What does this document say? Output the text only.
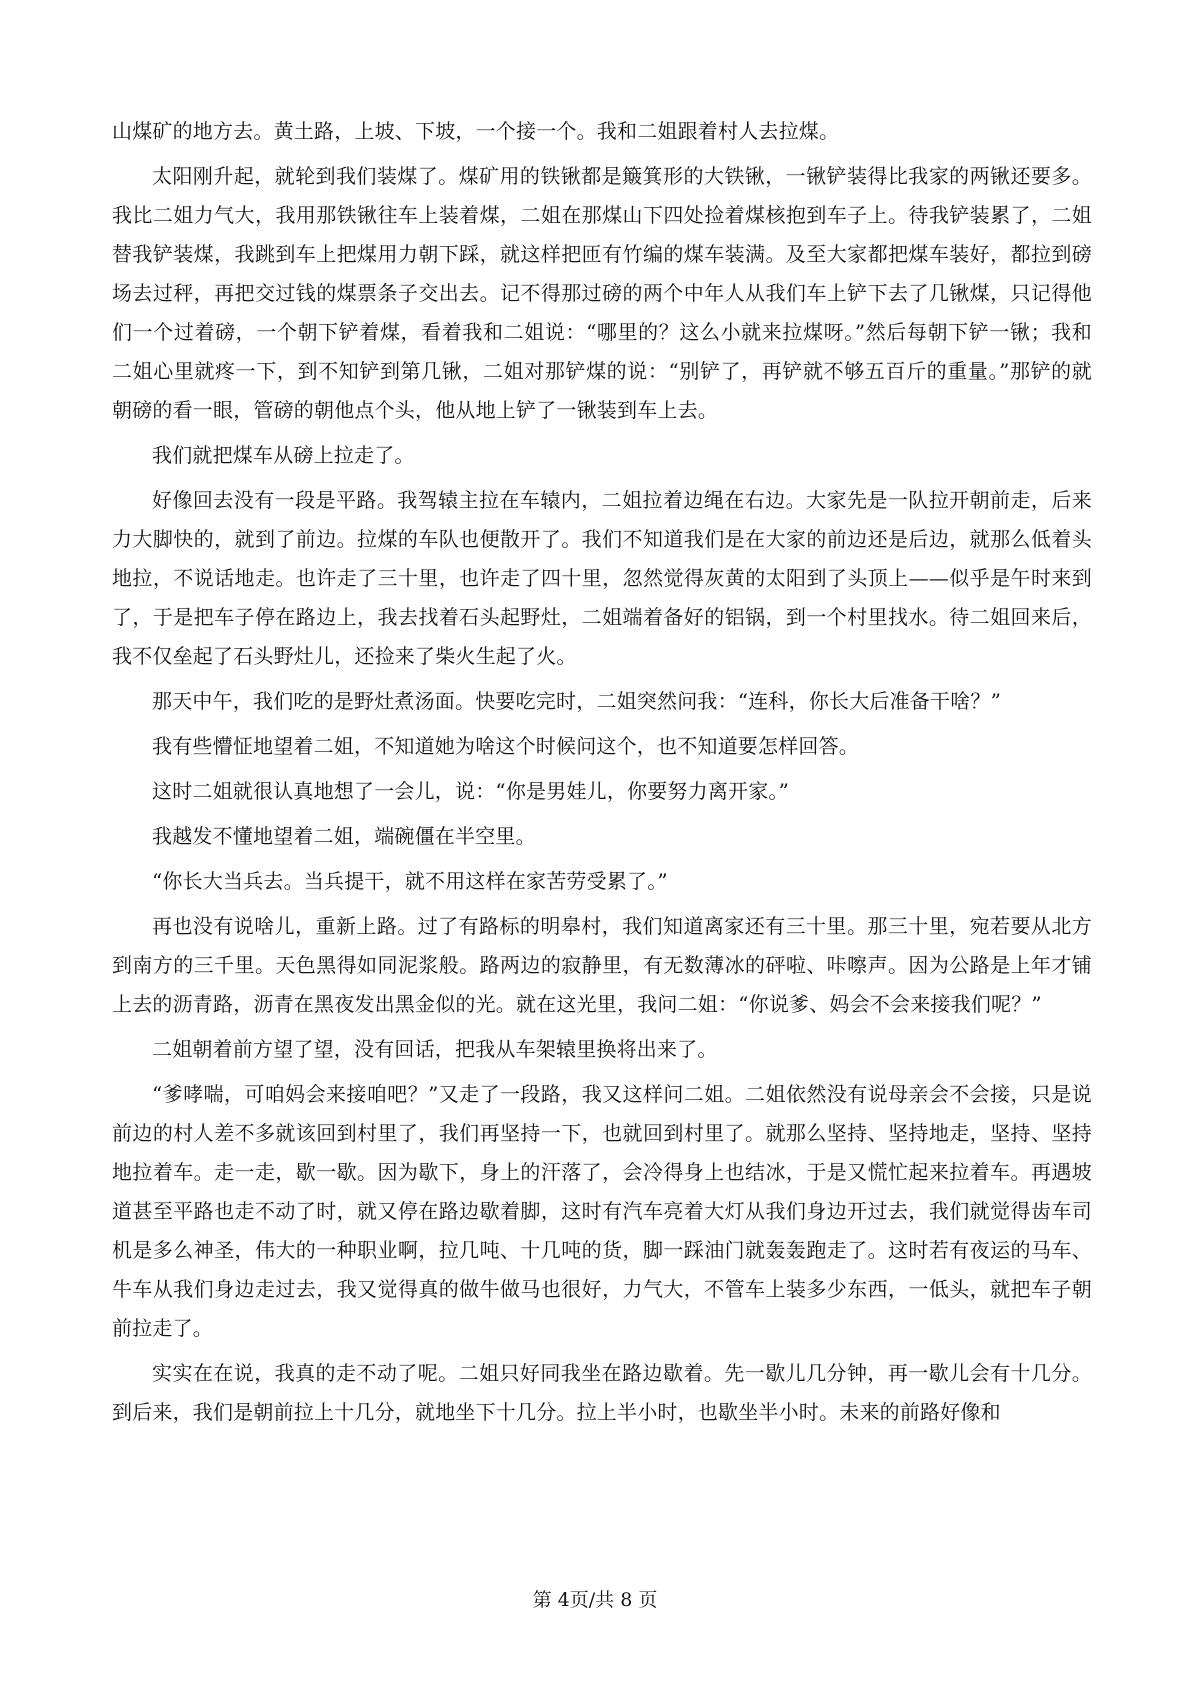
山煤矿的地方去。黄土路，上坡、下坡，一个接一个。我和二姐跟着村人去拉煤。

太阳刚升起，就轮到我们装煤了。煤矿用的铁锹都是簸箕形的大铁锹，一锹铲装得比我家的两锹还要多。我比二姐力气大，我用那铁锹往车上装着煤，二姐在那煤山下四处捡着煤核抱到车子上。待我铲装累了，二姐替我铲装煤，我跳到车上把煤用力朝下踩，就这样把匝有竹编的煤车装满。及至大家都把煤车装好，都拉到磅场去过秤，再把交过钱的煤票条子交出去。记不得那过磅的两个中年人从我们车上铲下去了几锹煤，只记得他们一个过着磅，一个朝下铲着煤，看着我和二姐说：“哪里的？这么小就来拉煤呀。”然后每朝下铲一锹；我和二姐心里就疼一下，到不知铲到第几锹，二姐对那铲煤的说：“别铲了，再铲就不够五百斤的重量。”那铲的就朝磅的看一眼，管磅的朝他点个头，他从地上铲了一锹装到车上去。

我们就把煤车从磅上拉走了。

好像回去没有一段是平路。我驾辕主拉在车辕内，二姐拉着边绳在右边。大家先是一队拉开朝前走，后来力大脚快的，就到了前边。拉煤的车队也便散开了。我们不知道我们是在大家的前边还是后边，就那么低着头地拉，不说话地走。也许走了三十里，也许走了四十里，忽然觉得灰黄的太阳到了头顶上——似乎是午时来到了，于是把车子停在路边上，我去找着石头起野灶，二姐端着备好的铝锅，到一个村里找水。待二姐回来后，我不仅垒起了石头野灶儿，还捡来了柴火生起了火。

那天中午，我们吃的是野灶煮汤面。快要吃完时，二姐突然问我：“连科，你长大后准备干啥？”

我有些懵怔地望着二姐，不知道她为啥这个时候问这个，也不知道要怎样回答。

这时二姐就很认真地想了一会儿，说：“你是男娃儿，你要努力离开家。”

我越发不懂地望着二姐，端碗僵在半空里。

“你长大当兵去。当兵提干，就不用这样在家苦劳受累了。”

再也没有说啥儿，重新上路。过了有路标的明皋村，我们知道离家还有三十里。那三十里，宛若要从北方到南方的三千里。天色黑得如同泥浆般。路两边的寂静里，有无数薄冰的砰啦、咔嚓声。因为公路是上年才铺上去的沥青路，沥青在黑夜发出黑金似的光。就在这光里，我问二姐：“你说爹、妈会不会来接我们呢？”

二姐朝着前方望了望，没有回话，把我从车架辕里换将出来了。

“爹哮喘，可咱妈会来接咱吧？”又走了一段路，我又这样问二姐。二姐依然没有说母亲会不会接，只是说前边的村人差不多就该回到村里了，我们再坚持一下，也就回到村里了。就那么坚持、坚持地走，坚持、坚持地拉着车。走一走，歇一歇。因为歇下，身上的汗落了，会冷得身上也结冰，于是又慌忙起来拉着车。再遇坡道甚至平路也走不动了时，就又停在路边歇着脚，这时有汽车亮着大灯从我们身边开过去，我们就觉得齿车司机是多么神圣，伟大的一种职业啊，拉几吨、十几吨的货，脚一踩油门就轰轰跑走了。这时若有夜运的马车、牛车从我们身边走过去，我又觉得真的做牛做马也很好，力气大，不管车上装多少东西，一低头，就把车子朝前拉走了。

实实在在说，我真的走不动了呢。二姐只好同我坐在路边歇着。先一歇儿几分钟，再一歇儿会有十几分。到后来，我们是朝前拉上十几分，就地坐下十几分。拉上半小时，也歇坐半小时。未来的前路好像和

第 4页/共 8 页
